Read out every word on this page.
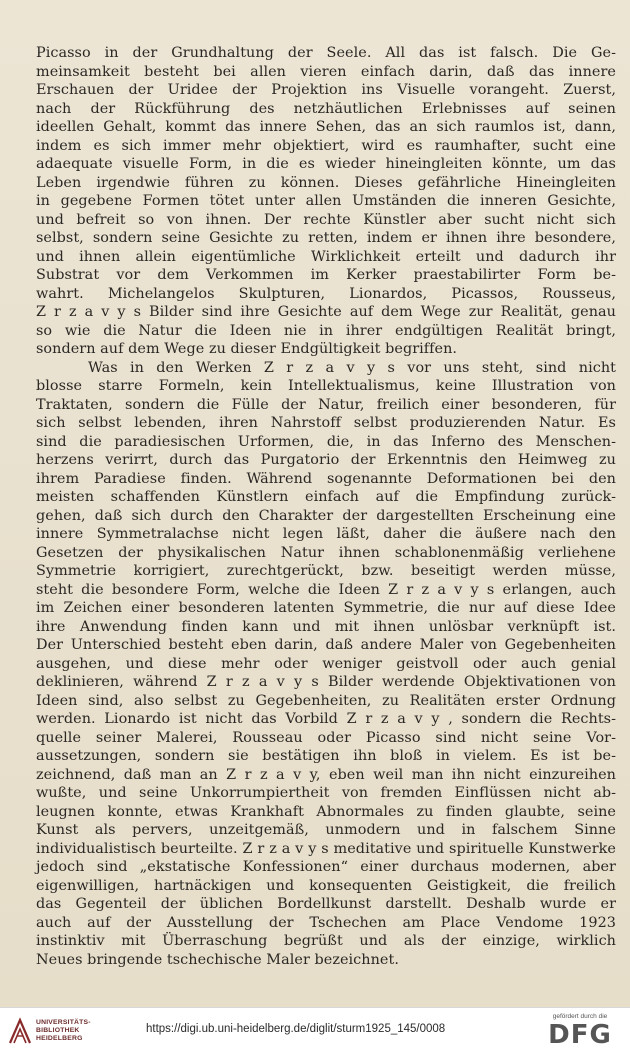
Picasso in der Grundhaltung der Seele. All das ist falsch. Die Ge-
meinsamkeit besteht bei allen vieren einfach darin, daß das innere
Erschauen der Uridee der Projektion ins Visuelle vorangeht. Zuerst,
nach der Rückführung des netzhäutlichen Erlebnisses auf seinen
ideellen Gehalt, kommt das innere Sehen, das an sich raumlos ist, dann,
indem es sich immer mehr objektiert, wird es raumhafter, sucht eine
adaequate visuelle Form, in die es wieder hineingleiten könnte, um das
Leben irgendwie führen zu können. Dieses gefährliche Hineingleiten
in gegebene Formen tötet unter allen Umständen die inneren Gesichte,
und befreit so von ihnen. Der rechte Künstler aber sucht nicht sich
selbst, sondern seine Gesichte zu retten, indem er ihnen ihre besondere,
und ihnen allein eigentümliche Wirklichkeit erteilt und dadurch ihr
Substrat vor dem Verkommen im Kerker praestabilirter Form be-
wahrt. Michelangelos Skulpturen, Lionardos, Picassos, Rousseus,
Z r z a v y s Bilder sind ihre Gesichte auf dem Wege zur Realität, genau
so wie die Natur die Ideen nie in ihrer endgültigen Realität bringt,
sondern auf dem Wege zu dieser Endgültigkeit begriffen.
Was in den Werken Z r z a v y s vor uns steht, sind nicht
blosse starre Formeln, kein Intellektualismus, keine Illustration von
Traktaten, sondern die Fülle der Natur, freilich einer besonderen, für
sich selbst lebenden, ihren Nahrstoff selbst produzierenden Natur. Es
sind die paradiesischen Urformen, die, in das Inferno des Menschen-
herzens verirrt, durch das Purgatorio der Erkenntnis den Heimweg zu
ihrem Paradiese finden. Während sogenannte Deformationen bei den
meisten schaffenden Künstlern einfach auf die Empfindung zurück-
gehen, daß sich durch den Charakter der dargestellten Erscheinung eine
innere Symmetralachse nicht legen läßt, daher die äußere nach den
Gesetzen der physikalischen Natur ihnen schablonenmäßig verliehene
Symmetrie korrigiert, zurechtgerückt, bzw. beseitigt werden müsse,
steht die besondere Form, welche die Ideen Z r z a v y s erlangen, auch
im Zeichen einer besonderen latenten Symmetrie, die nur auf diese Idee
ihre Anwendung finden kann und mit ihnen unlösbar verknüpft ist.
Der Unterschied besteht eben darin, daß andere Maler von Gegebenheiten
ausgehen, und diese mehr oder weniger geistvoll oder auch genial
deklinieren, während Z r z a v y s Bilder werdende Objektivationen von
Ideen sind, also selbst zu Gegebenheiten, zu Realitäten erster Ordnung
werden. Lionardo ist nicht das Vorbild Z r z a v y , sondern die Rechts-
quelle seiner Malerei, Rousseau oder Picasso sind nicht seine Vor-
aussetzungen, sondern sie bestätigen ihn bloß in vielem. Es ist be-
zeichnend, daß man an Z r z a v y, eben weil man ihn nicht einzureihen
wußte, und seine Unkorrumpiertheit von fremden Einflüssen nicht ab-
leugnen konnte, etwas Krankhaft Abnormales zu finden glaubte, seine
Kunst als pervers, unzeitgemäß, unmodern und in falschem Sinne
individualistisch beurteilte. Z r z a v y s meditative und spirituelle Kunstwerke
jedoch sind „ekstatische Konfessionen“ einer durchaus modernen, aber
eigenwilligen, hartnäckigen und konsequenten Geistigkeit, die freilich
das Gegenteil der üblichen Bordellkunst darstellt. Deshalb wurde er
auch auf der Ausstellung der Tschechen am Place Vendome 1923
instinktiv mit Überraschung begrüßt und als der einzige, wirklich
Neues bringende tschechische Maler bezeichnet.
UNIVERSITÄTS-
BIBLIOTHEK
HEIDELBERG
https://digi.ub.uni-heidelberg.de/diglit/sturm1925_145/0008
gefördert durch die
DFG
